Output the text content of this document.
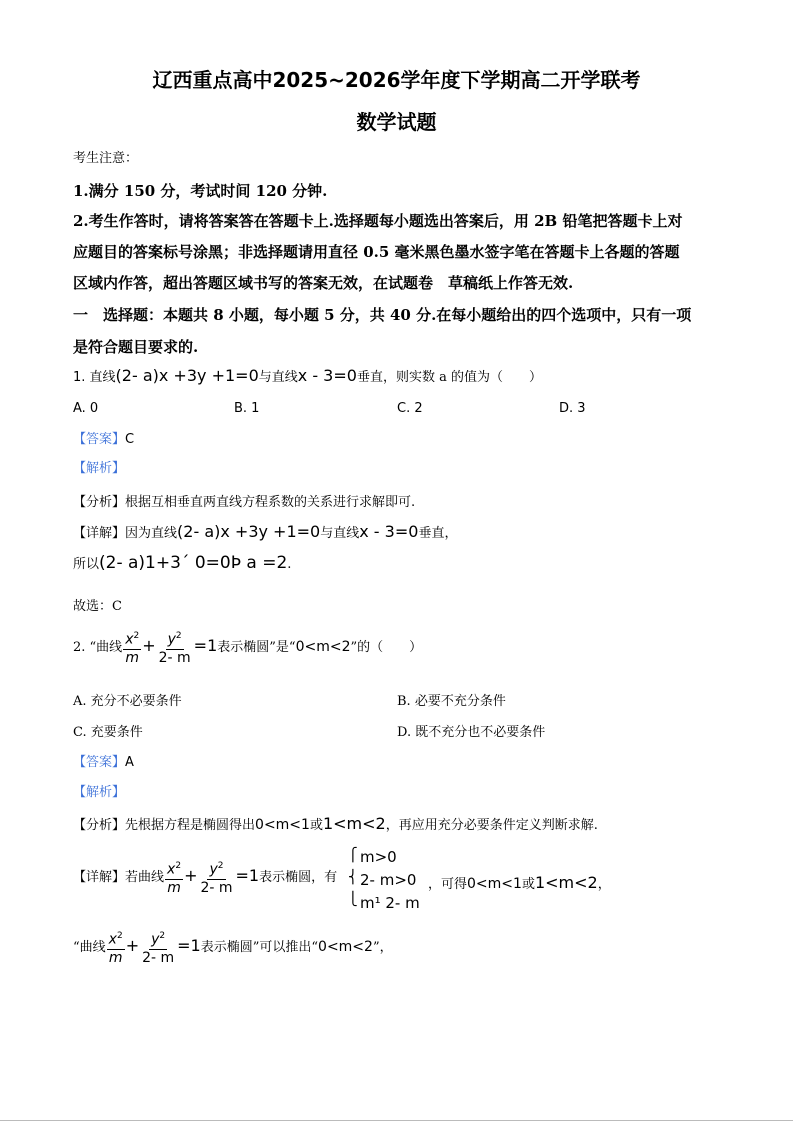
辽西重点高中2025~2026学年度下学期高二开学联考
数学试题
考生注意：
1.满分 150 分，考试时间 120 分钟.
2.考生作答时，请将答案答在答题卡上.选择题每小题选出答案后，用 2B 铅笔把答题卡上对
应题目的答案标号涂黑；非选择题请用直径 0.5 毫米黑色墨水签字笔在答题卡上各题的答题
区域内作答，超出答题区域书写的答案无效，在试题卷　草稿纸上作答无效.
一　选择题：本题共 8 小题，每小题 5 分，共 40 分.在每小题给出的四个选项中，只有一项
是符合题目要求的.
1. 直线(2- a)x +3y +1=0与直线x - 3=0垂直，则实数 a 的值为（　　）
A. 0	B. 1	C. 2	D. 3
【答案】C
【解析】
【分析】根据互相垂直两直线方程系数的关系进行求解即可.
【详解】因为直线(2- a)x +3y +1=0与直线x - 3=0垂直，
所以(2- a)1+3´ 0=0Þ a =2.
故选：C
2. “曲线 $\frac{x^2}{m} + \frac{y^2}{2- m} =1$表示椭圆”是“0<m<2”的（　　）
A. 充分不必要条件	B. 必要不充分条件
C. 充要条件	D. 既不充分也不必要条件
【答案】A
【解析】
【分析】先根据方程是椭圆得出0<m<1或1<m<2，再应用充分必要条件定义判断求解.
【详解】若曲线 $\frac{x^2}{m} + \frac{y^2}{2- m} =1$表示椭圆，有
⎧
⎨
⎩
m>0
2- m>0
m¹ 2- m
，可得0<m<1或1<m<2，
“曲线 $\frac{x^2}{m} + \frac{y^2}{2- m} =1$表示椭圆”可以推出“0<m<2”，
